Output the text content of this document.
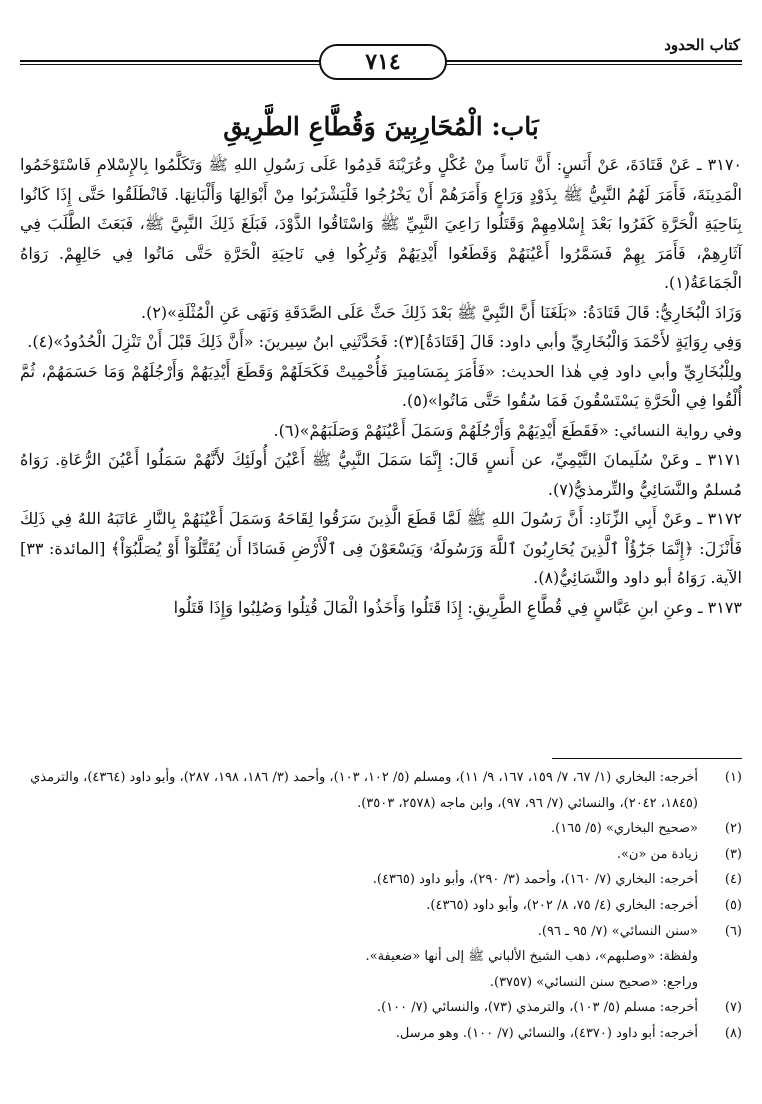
كتاب الحدود
٧١٤
بَاب: الْمُحَارِبِينَ وَقُطَّاعِ الطَّرِيقِ

٣١٧٠ ـ عَنْ قَتَادَةَ، عَنْ أَنَسٍ: أَنَّ نَاساً مِنْ عُكْلٍ وعُرَيْنَةَ قَدِمُوا عَلَى رَسُولِ اللهِ ﷺ وَتَكَلَّمُوا بِالإِسْلامِ فَاسْتَوْخَمُوا الْمَدِينَةَ، فَأَمَرَ لَهُمُ النَّبِيُّ ﷺ بِذَوْدٍ وَرَاعٍ وَأَمَرَهُمْ أَنْ يَخْرُجُوا فَلْيَشْرَبُوا مِنْ أَبْوَالِهَا وَأَلْبَانِهَا. فَانْطَلَقُوا حَتَّى إِذَا كَانُوا بِنَاحِيَةِ الْحَرَّةِ كَفَرُوا بَعْدَ إِسْلامِهِمْ وَقَتَلُوا رَاعِيَ النَّبِيِّ ﷺ وَاسْتَاقُوا الذَّوْدَ، فَبَلَغَ ذَلِكَ النَّبِيَّ ﷺ، فَبَعَثَ الطَّلَبَ فِي آثَارِهِمْ، فَأَمَرَ بِهِمْ فَسَمَّرُوا أَعْيُنَهُمْ وَقَطَعُوا أَيْدِيَهُمْ وَتُرِكُوا فِي نَاحِيَةِ الْحَرَّةِ حَتَّى مَاتُوا فِي حَالِهِمْ. رَوَاهُ الْجَمَاعَةُ(١).

وَزَادَ الْبُخَارِيُّ: قَالَ قَتَادَةُ: «بَلَغَنَا أَنَّ النَّبِيَّ ﷺ بَعْدَ ذَلِكَ حَثَّ عَلَى الصَّدَقَةِ وَنَهَى عَنِ الْمُثْلَةِ»(٢).

وَفِي رِوَايَةٍ لأَحْمَدَ وَالْبُخَارِيِّ وأبي داود: قَالَ [قَتَادَةُ](٣): فَحَدَّثَنِي ابنُ سِيرينَ: «أَنَّ ذَلِكَ قَبْلَ أَنْ تَنْزِلَ الْحُدُودُ»(٤).

ولِلْبُخَارِيِّ وأبي داود فِي هٰذا الحديث: «فَأَمَرَ بِمَسَامِيرَ فَأُحْمِيتْ فَكَحَلَهُمْ وَقَطَعَ أَيْدِيَهُمْ وَأَرْجُلَهُمْ وَمَا حَسَمَهُمْ، ثُمَّ أُلْقُوا فِي الْحَرَّةِ يَسْتَسْقُونَ فَمَا سُقُوا حَتَّى مَاتُوا»(٥).

وفي رواية النسائي: «فَقَطَعَ أَيْدِيَهُمْ وَأَرْجُلَهُمْ وَسَمَلَ أَعْيُنَهُمْ وَصَلَبَهُمْ»(٦).

٣١٧١ ـ وعَنْ سُلَيمانَ التَّيْمِيِّ، عن أَنسٍ قَالَ: إِنَّمَا سَمَلَ النَّبِيُّ ﷺ أَعْيُنَ أُولَئِكَ لأَنَّهُمْ سَمَلُوا أَعْيُنَ الرُّعَاةِ. رَوَاهُ مُسلمٌ والنَّسَائِيُّ والتِّرمذيُّ(٧).

٣١٧٢ ـ وعَنْ أَبِي الزِّنَادِ: أَنَّ رَسُولَ اللهِ ﷺ لَمَّا قَطَعَ الَّذِينَ سَرَقُوا لِقَاحَهُ وَسَمَلَ أَعْيُنَهُمْ بِالنَّارِ عَاتَبَهُ اللهُ فِي ذَلِكَ فَأَنْزَلَ: ﴿إِنَّمَا جَزَٰٓؤُاْ ٱلَّذِينَ يُحَارِبُونَ ٱللَّهَ وَرَسُولَهُۥ وَيَسْعَوْنَ فِى ٱلْأَرْضِ فَسَادًا أَن يُقَتَّلُوٓاْ أَوْ يُصَلَّبُوٓاْ﴾ [المائدة: ٣٣] الآية. رَوَاهُ أبو داود والنَّسَائِيُّ(٨).

٣١٧٣ ـ وعنِ ابنِ عَبَّاسٍ فِي قُطَّاعِ الطَّرِيقِ: إِذَا قَتَلُوا وَأَخَذُوا الْمَالَ قُتِلُوا وَصُلِبُوا وَإِذَا قَتَلُوا

(١)
أخرجه: البخاري (١/ ٦٧، ٧/ ١٥٩، ١٦٧، ٩/ ١١)، ومسلم (٥/ ١٠٢، ١٠٣)، وأحمد (٣/ ١٨٦، ١٩٨، ٢٨٧)، وأبو داود (٤٣٦٤)، والترمذي (١٨٤٥، ٢٠٤٢)، والنسائي (٧/ ٩٦، ٩٧)، وابن ماجه (٢٥٧٨، ٣٥٠٣).
(٢)
«صحيح البخاري» (٥/ ١٦٥).
(٣)
زيادة من «ن».
(٤)
أخرجه: البخاري (٧/ ١٦٠)، وأحمد (٣/ ٢٩٠)، وأبو داود (٤٣٦٥).
(٥)
أخرجه: البخاري (٤/ ٧٥، ٨/ ٢٠٢)، وأبو داود (٤٣٦٥).
(٦)
«سنن النسائي» (٧/ ٩٥ ـ ٩٦).
ولفظة: «وصلبهم»، ذهب الشيخ الألباني ﷺ إلى أنها «ضعيفة».
وراجع: «صحيح سنن النسائي» (٣٧٥٧).
(٧)
أخرجه: مسلم (٥/ ١٠٣)، والترمذي (٧٣)، والنسائي (٧/ ١٠٠).
(٨)
أخرجه: أبو داود (٤٣٧٠)، والنسائي (٧/ ١٠٠). وهو مرسل.
